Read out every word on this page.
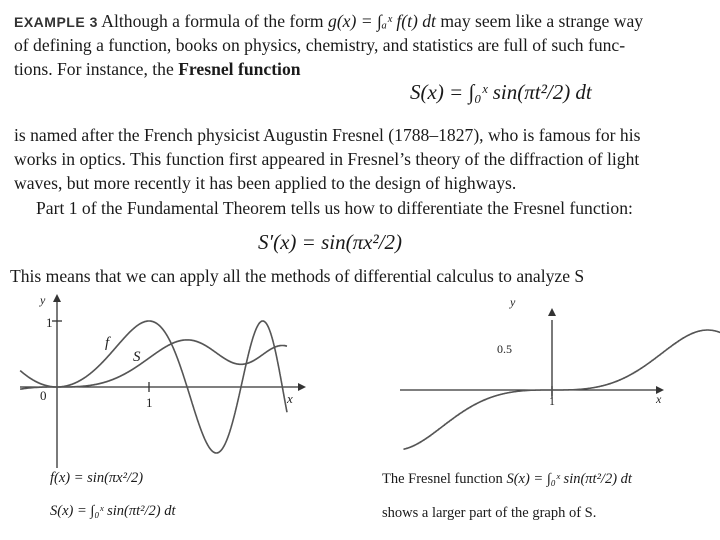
EXAMPLE 3 Although a formula of the form g(x) = ∫ₐˣ f(t) dt may seem like a strange way
of defining a function, books on physics, chemistry, and statistics are full of such func-
tions. For instance, the Fresnel function
S(x) = ∫₀ˣ sin(πt²/2) dt
is named after the French physicist Augustin Fresnel (1788–1827), who is famous for his
works in optics. This function first appeared in Fresnel’s theory of the diffraction of light
waves, but more recently it has been applied to the design of highways.
Part 1 of the Fundamental Theorem tells us how to differentiate the Fresnel function:
S′(x) = sin(πx²/2)
This means that we can apply all the methods of differential calculus to analyze S
y
1
0	1	x
f
S
y
0.5
1	x
f(x) = sin(πx²/2)
S(x) = ∫₀ˣ sin(πt²/2) dt
The Fresnel function S(x) = ∫₀ˣ sin(πt²/2) dt
shows a larger part of the graph of S.
